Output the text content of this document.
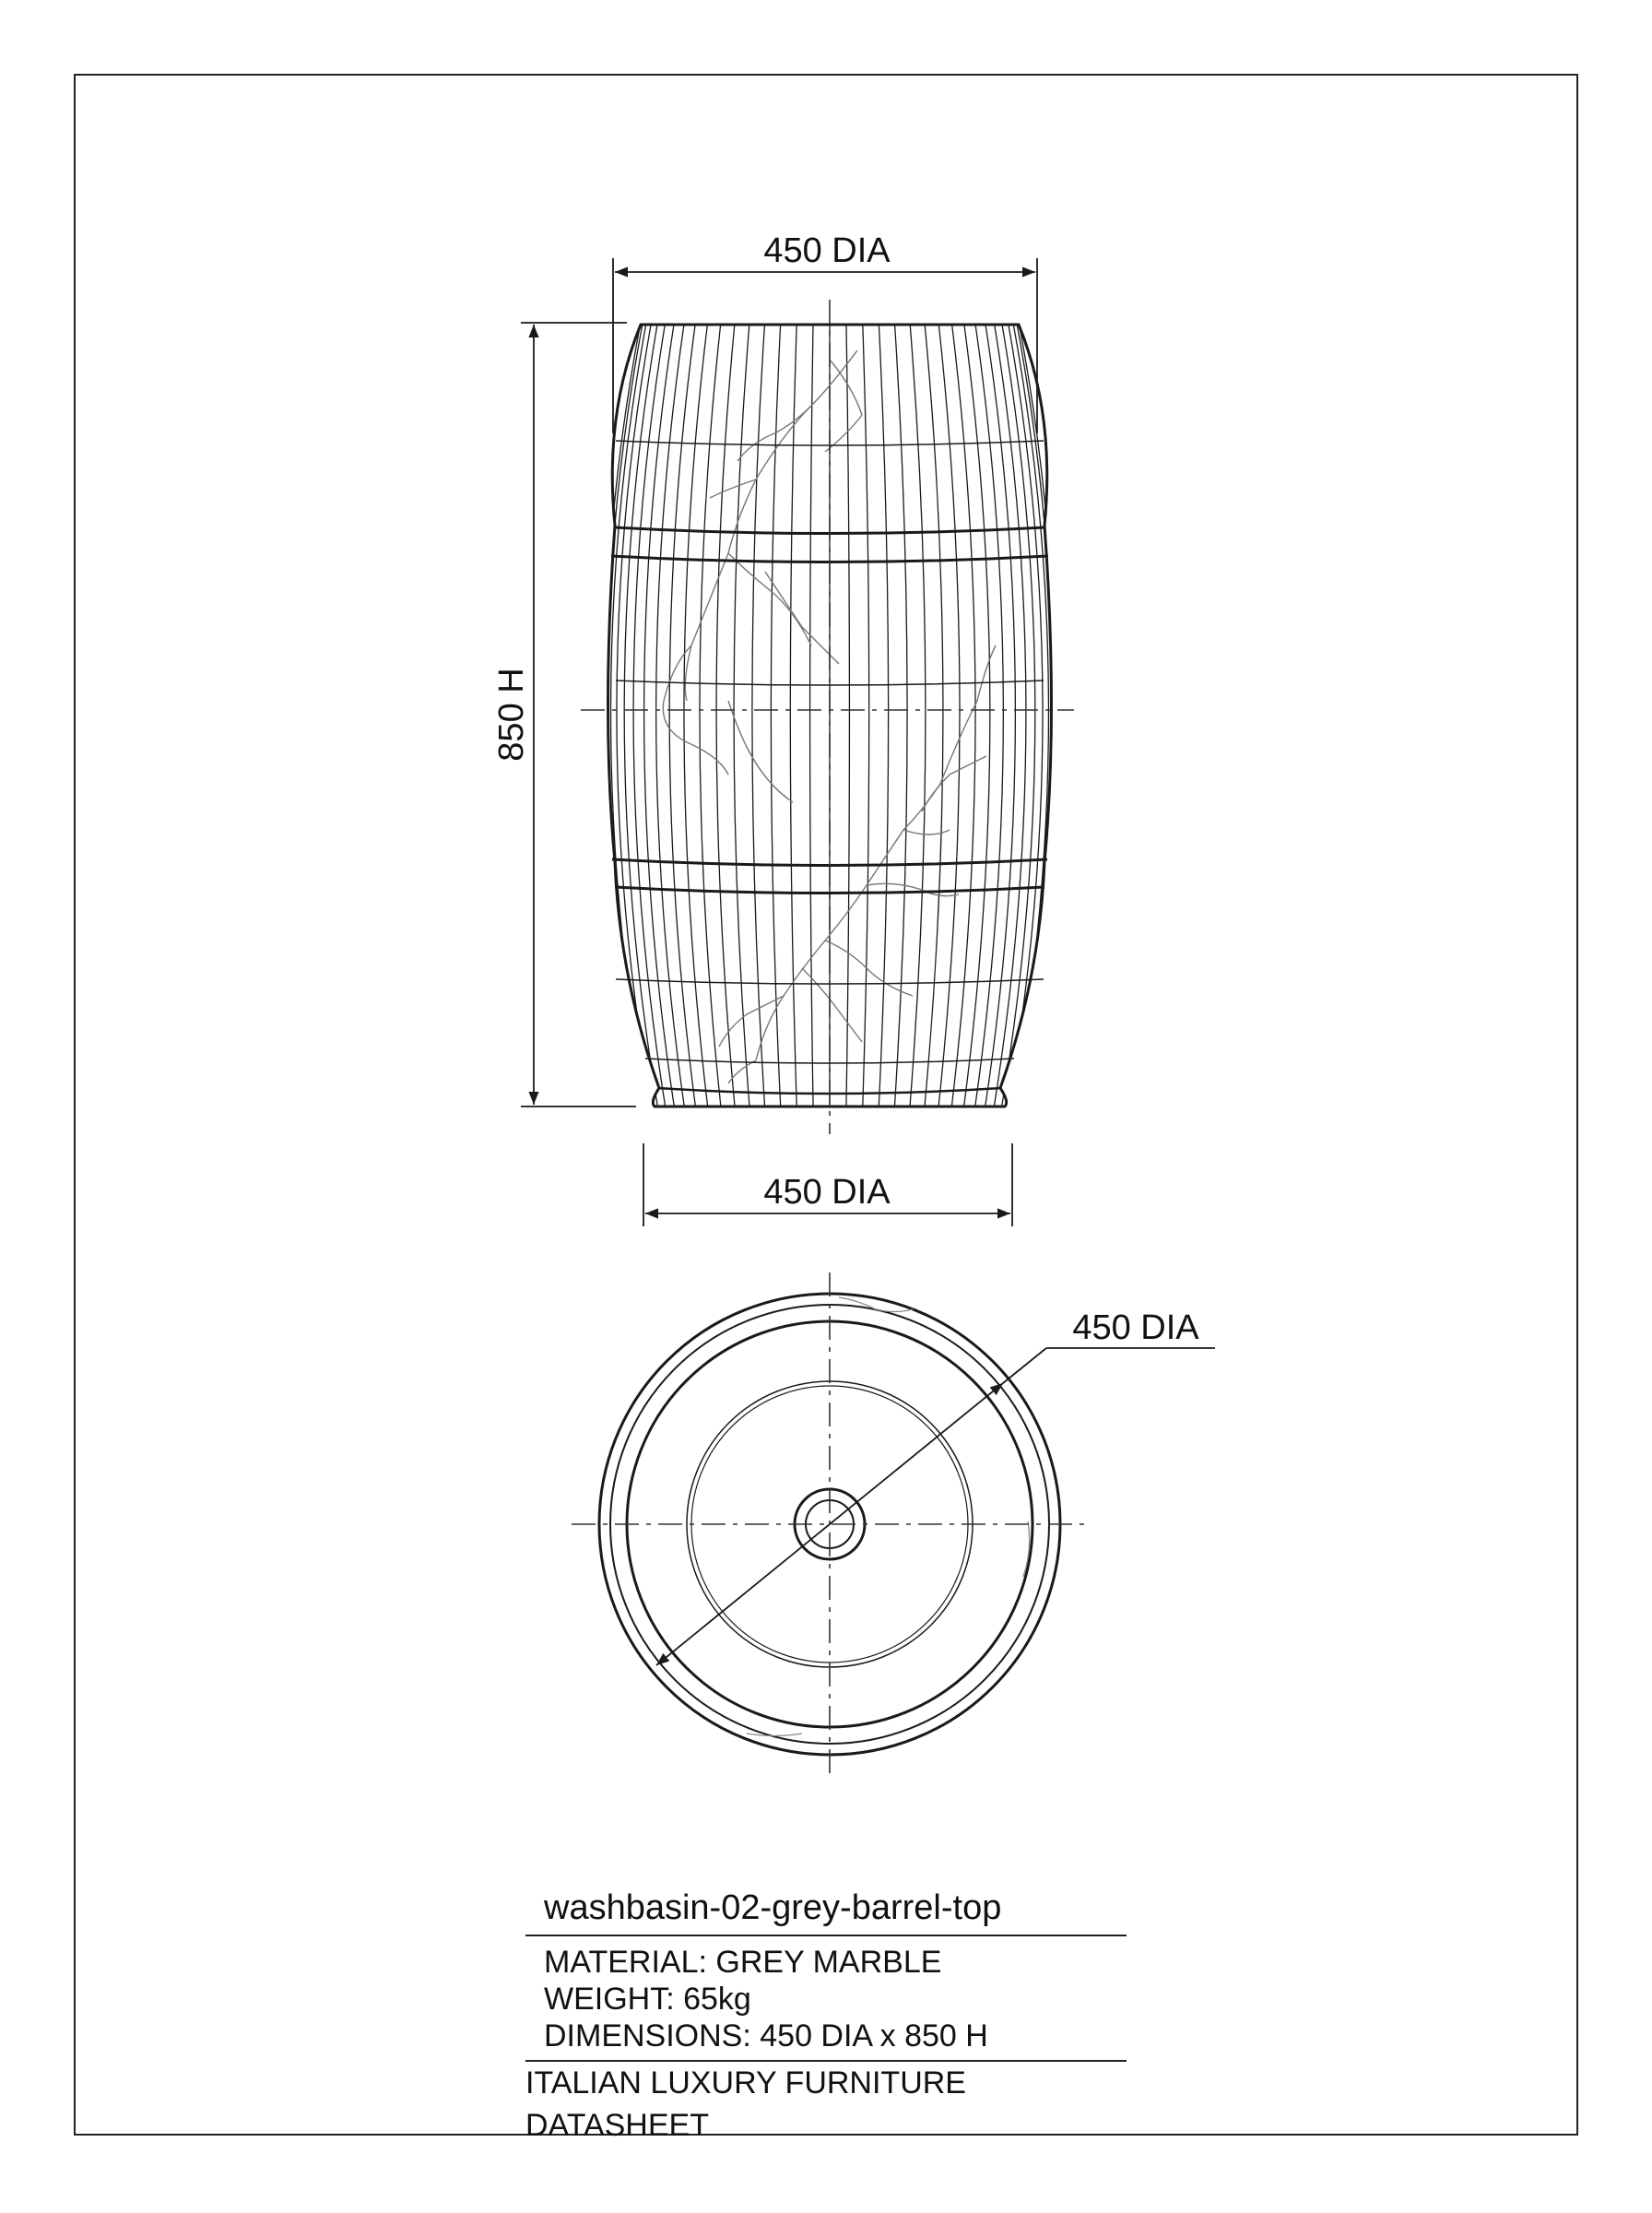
450 DIA
850 H
450 DIA
450 DIA
washbasin-02-grey-barrel-top
MATERIAL: GREY MARBLE
WEIGHT: 65kg
DIMENSIONS: 450 DIA x 850 H
ITALIAN LUXURY FURNITURE DATASHEET
